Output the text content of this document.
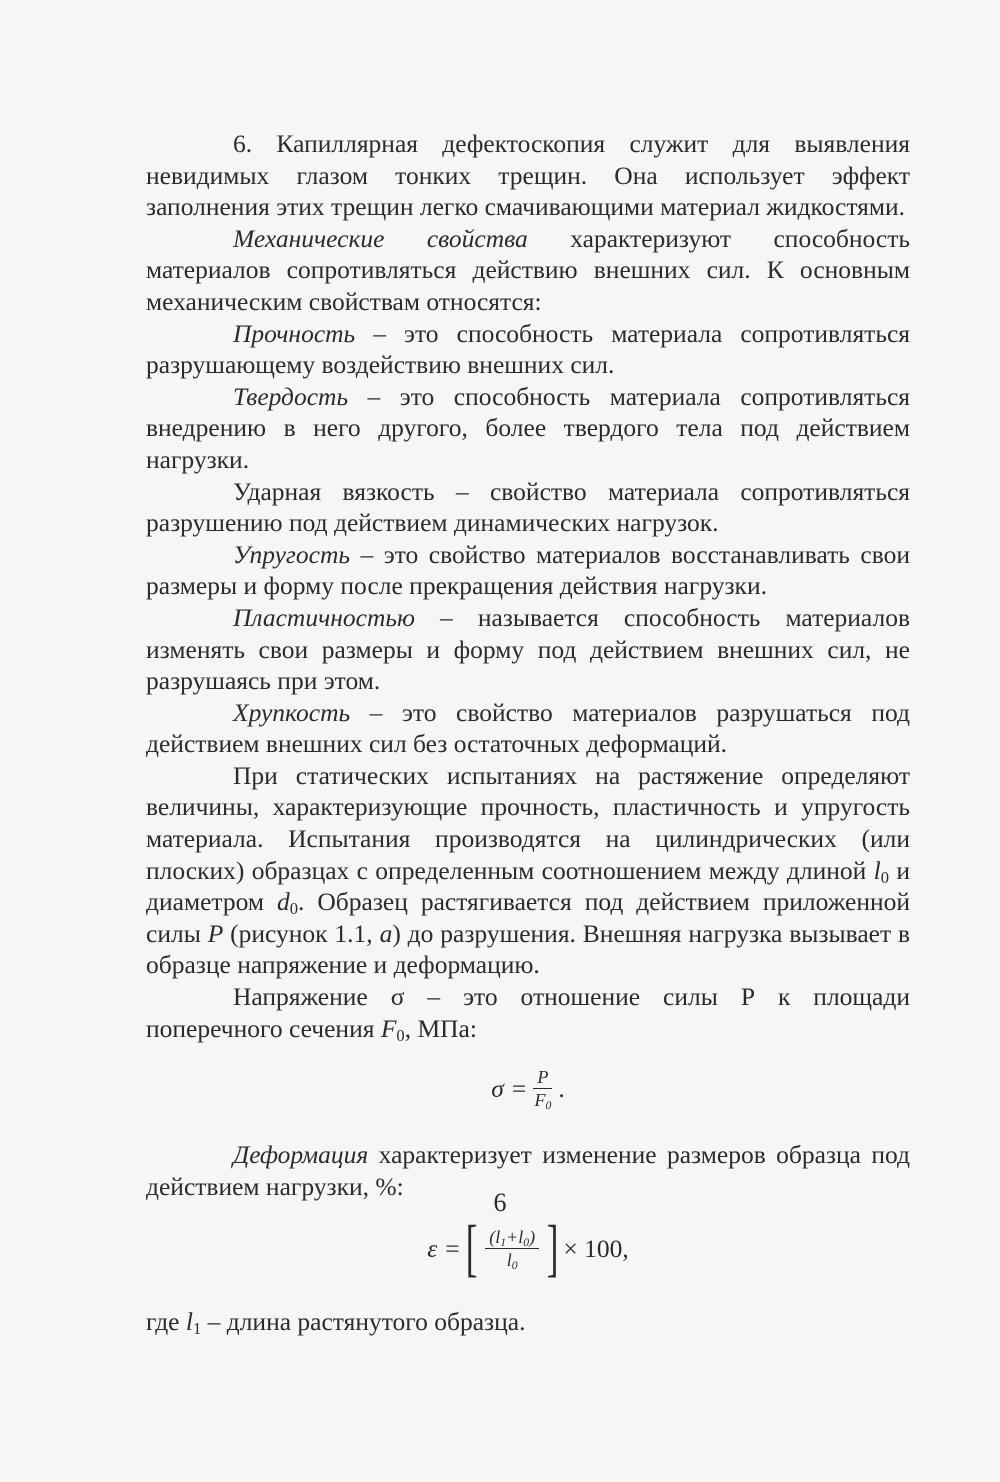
6. Капиллярная дефектоскопия служит для выявления невидимых глазом тонких трещин. Она использует эффект заполнения этих трещин легко смачивающими материал жидкостями.

Механические свойства характеризуют способность материалов сопротивляться действию внешних сил. К основным механическим свойствам относятся:

Прочность – это способность материала сопротивляться разрушающему воздействию внешних сил.

Твердость – это способность материала сопротивляться внедрению в него другого, более твердого тела под действием нагрузки.

Ударная вязкость – свойство материала сопротивляться разрушению под действием динамических нагрузок.

Упругость – это свойство материалов восстанавливать свои размеры и форму после прекращения действия нагрузки.

Пластичностью – называется способность материалов изменять свои размеры и форму под действием внешних сил, не разрушаясь при этом.

Хрупкость – это свойство материалов разрушаться под действием внешних сил без остаточных деформаций.

При статических испытаниях на растяжение определяют величины, характеризующие прочность, пластичность и упругость материала. Испытания производятся на цилиндрических (или плоских) образцах с определенным соотношением между длиной $l_0$ и диаметром $d_0$. Образец растягивается под действием приложенной силы P (рисунок 1.1, а) до разрушения. Внешняя нагрузка вызывает в образце напряжение и деформацию.

Напряжение σ – это отношение силы Р к площади поперечного сечения $F_0$, МПа:

$\sigma = \frac{P}{F_0}$ .

Деформация характеризует изменение размеров образца под действием нагрузки, %:

ε = [ $\frac{(l_1+l_0)}{l_0}$ ] × 100,

где $l_1$ – длина растянутого образца.

6
